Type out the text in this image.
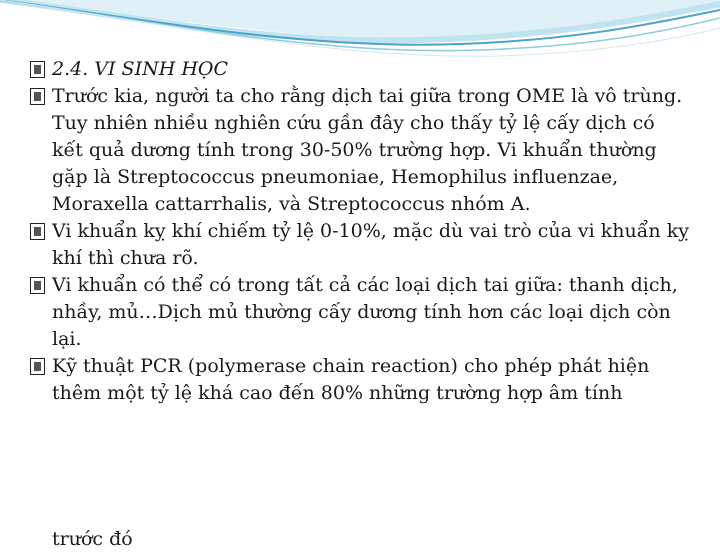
2.4. VI SINH HỌC

Trước kia, người ta cho rằng dịch tai giữa trong OME là vô trùng. Tuy nhiên nhiều nghiên cứu gần đây cho thấy tỷ lệ cấy dịch có kết quả dương tính trong 30-50% trường hợp. Vi khuẩn thường gặp là Streptococcus pneumoniae, Hemophilus influenzae, Moraxella cattarrhalis, và Streptococcus nhóm A.

Vi khuẩn kỵ khí chiếm tỷ lệ 0-10%, mặc dù vai trò của vi khuẩn kỵ khí thì chưa rõ.

Vi khuẩn có thể có trong tất cả các loại dịch tai giữa: thanh dịch, nhầy, mủ…Dịch mủ thường cấy dương tính hơn các loại dịch còn lại.

Kỹ thuật PCR (polymerase chain reaction) cho phép phát hiện thêm một tỷ lệ khá cao đến 80% những trường hợp âm tính

trước đó
